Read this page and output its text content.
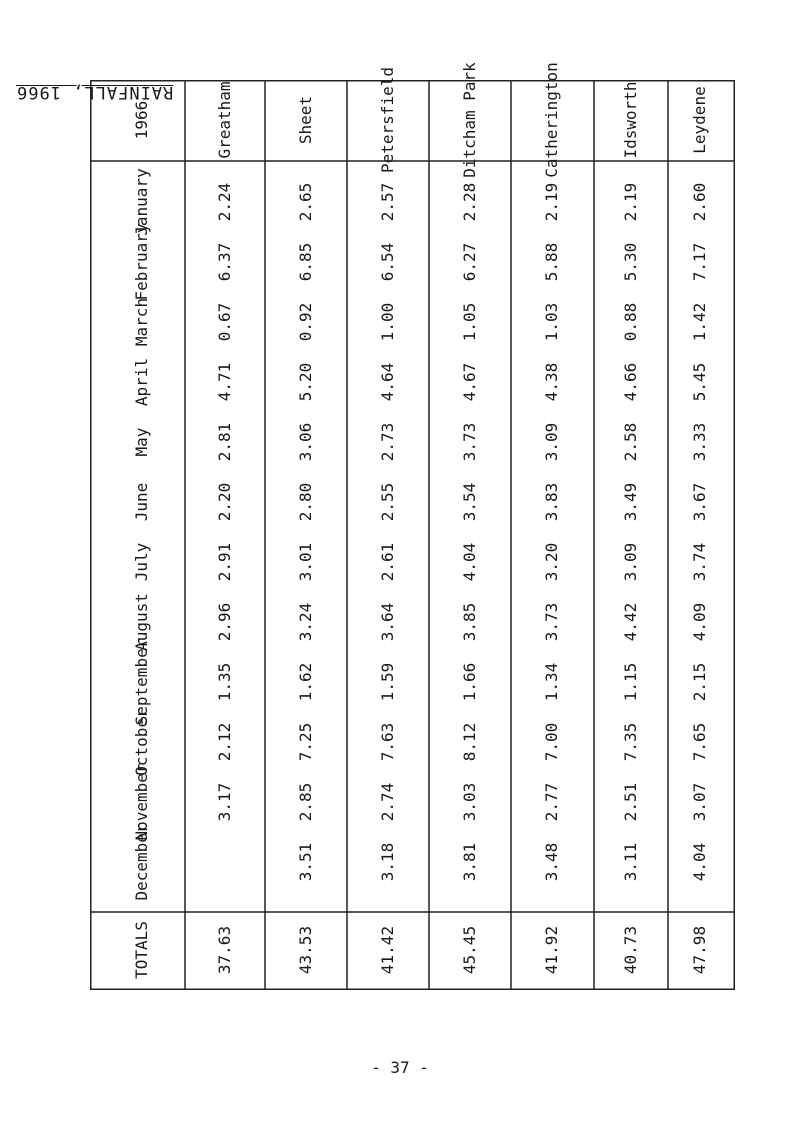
RAINFALL, 1966
1966
January
February
March
April
May
June
July
August
September
October
November
December
TOTALS
Greatham
2.24
6.37
0.67
4.71
2.81
2.20
2.91
2.96
1.35
2.12
3.17
37.63
Sheet
2.65
6.85
0.92
5.20
3.06
2.80
3.01
3.24
1.62
7.25
2.85
3.51
43.53
Petersfield
2.57
6.54
1.00
4.64
2.73
2.55
2.61
3.64
1.59
7.63
2.74
3.18
41.42
Ditcham Park
2.28
6.27
1.05
4.67
3.73
3.54
4.04
3.85
1.66
8.12
3.03
3.81
45.45
Catherington
2.19
5.88
1.03
4.38
3.09
3.83
3.20
3.73
1.34
7.00
2.77
3.48
41.92
Idsworth
2.19
5.30
0.88
4.66
2.58
3.49
3.09
4.42
1.15
7.35
2.51
3.11
40.73
Leydene
2.60
7.17
1.42
5.45
3.33
3.67
3.74
4.09
2.15
7.65
3.07
4.04
47.98
- 37 -
